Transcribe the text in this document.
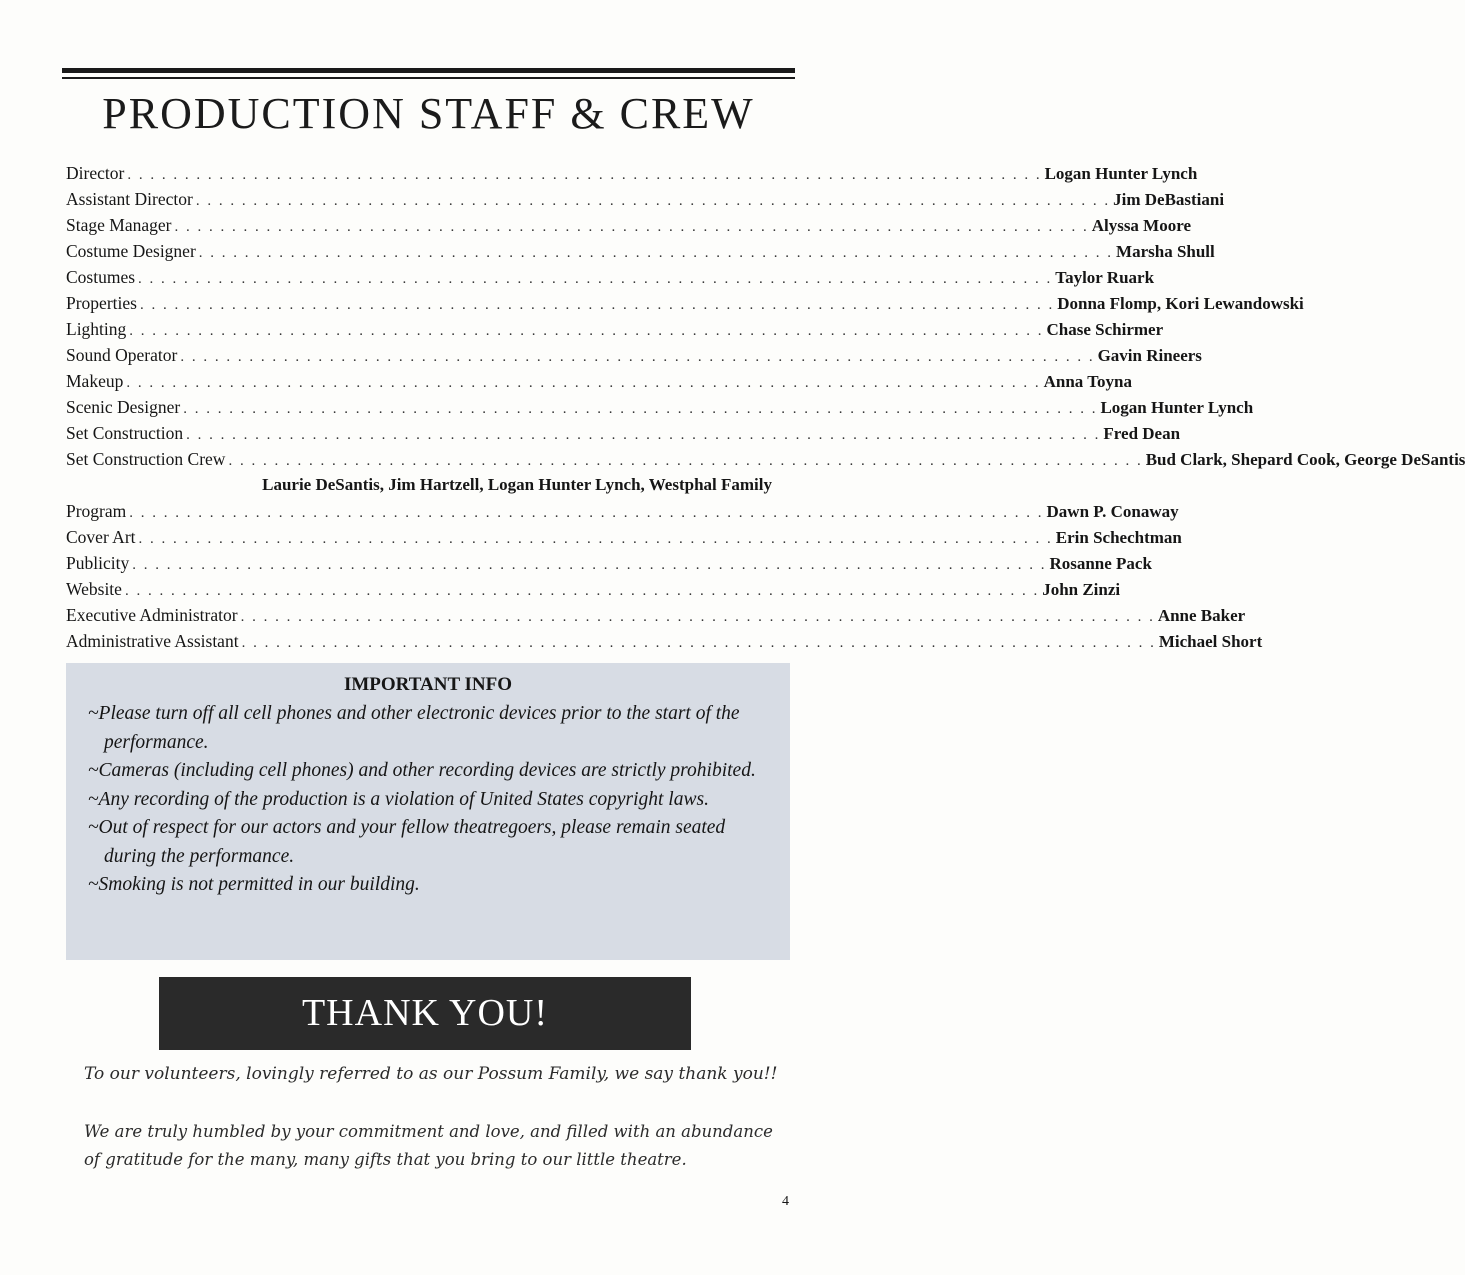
PRODUCTION STAFF & CREW
Director . . . . . . . . . . . . . . . . . . . . . . . . . . . . . . . . . . . . . . . . . . . . . . . . . . . . . . . . . . . . . . . . . . . . . . . . . . . . . . . . Logan Hunter Lynch
Assistant Director . . . . . . . . . . . . . . . . . . . . . . . . . . . . . . . . . . . . . . . . . . . . . . . . . . . . . . . . . . . . . . . . . . . . . . . . . . . . . . . . Jim DeBastiani
Stage Manager . . . . . . . . . . . . . . . . . . . . . . . . . . . . . . . . . . . . . . . . . . . . . . . . . . . . . . . . . . . . . . . . . . . . . . . . . . . . . . . . Alyssa Moore
Costume Designer . . . . . . . . . . . . . . . . . . . . . . . . . . . . . . . . . . . . . . . . . . . . . . . . . . . . . . . . . . . . . . . . . . . . . . . . . . . . . . . . Marsha Shull
Costumes . . . . . . . . . . . . . . . . . . . . . . . . . . . . . . . . . . . . . . . . . . . . . . . . . . . . . . . . . . . . . . . . . . . . . . . . . . . . . . . . Taylor Ruark
Properties . . . . . . . . . . . . . . . . . . . . . . . . . . . . . . . . . . . . . . . . . . . . . . . . . . . . . . . . . . . . . . . . . . . . . . . . . . . . . . . . Donna Flomp, Kori Lewandowski
Lighting . . . . . . . . . . . . . . . . . . . . . . . . . . . . . . . . . . . . . . . . . . . . . . . . . . . . . . . . . . . . . . . . . . . . . . . . . . . . . . . . Chase Schirmer
Sound Operator . . . . . . . . . . . . . . . . . . . . . . . . . . . . . . . . . . . . . . . . . . . . . . . . . . . . . . . . . . . . . . . . . . . . . . . . . . . . . . . . Gavin Rineers
Makeup . . . . . . . . . . . . . . . . . . . . . . . . . . . . . . . . . . . . . . . . . . . . . . . . . . . . . . . . . . . . . . . . . . . . . . . . . . . . . . . . Anna Toyna
Scenic Designer . . . . . . . . . . . . . . . . . . . . . . . . . . . . . . . . . . . . . . . . . . . . . . . . . . . . . . . . . . . . . . . . . . . . . . . . . . . . . . . . Logan Hunter Lynch
Set Construction . . . . . . . . . . . . . . . . . . . . . . . . . . . . . . . . . . . . . . . . . . . . . . . . . . . . . . . . . . . . . . . . . . . . . . . . . . . . . . . . Fred Dean
Set Construction Crew . . . . . . . . . . . . . . . . . . . . . . . . . . . . . . . . . . . . . . . . . . . . . . . . . . . . . . . . . . . . . . . . . . . . . . . . . . . . . . . . Bud Clark, Shepard Cook, George DeSantis
Laurie DeSantis, Jim Hartzell, Logan Hunter Lynch, Westphal Family
Program . . . . . . . . . . . . . . . . . . . . . . . . . . . . . . . . . . . . . . . . . . . . . . . . . . . . . . . . . . . . . . . . . . . . . . . . . . . . . . . . Dawn P. Conaway
Cover Art . . . . . . . . . . . . . . . . . . . . . . . . . . . . . . . . . . . . . . . . . . . . . . . . . . . . . . . . . . . . . . . . . . . . . . . . . . . . . . . . Erin Schechtman
Publicity . . . . . . . . . . . . . . . . . . . . . . . . . . . . . . . . . . . . . . . . . . . . . . . . . . . . . . . . . . . . . . . . . . . . . . . . . . . . . . . . Rosanne Pack
Website . . . . . . . . . . . . . . . . . . . . . . . . . . . . . . . . . . . . . . . . . . . . . . . . . . . . . . . . . . . . . . . . . . . . . . . . . . . . . . . . John Zinzi
Executive Administrator . . . . . . . . . . . . . . . . . . . . . . . . . . . . . . . . . . . . . . . . . . . . . . . . . . . . . . . . . . . . . . . . . . . . . . . . . . . . . . . . Anne Baker
Administrative Assistant . . . . . . . . . . . . . . . . . . . . . . . . . . . . . . . . . . . . . . . . . . . . . . . . . . . . . . . . . . . . . . . . . . . . . . . . . . . . . . . . Michael Short
IMPORTANT INFO
~Please turn off all cell phones and other electronic devices prior to the start of the performance.
~Cameras (including cell phones) and other recording devices are strictly prohibited.
~Any recording of the production is a violation of United States copyright laws.
~Out of respect for our actors and your fellow theatregoers, please remain seated during the performance.
~Smoking is not permitted in our building.
THANK YOU!
To our volunteers, lovingly referred to as our Possum Family, we say thank you!!
We are truly humbled by your commitment and love, and filled with an abundance of gratitude for the many, many gifts that you bring to our little theatre.
4
